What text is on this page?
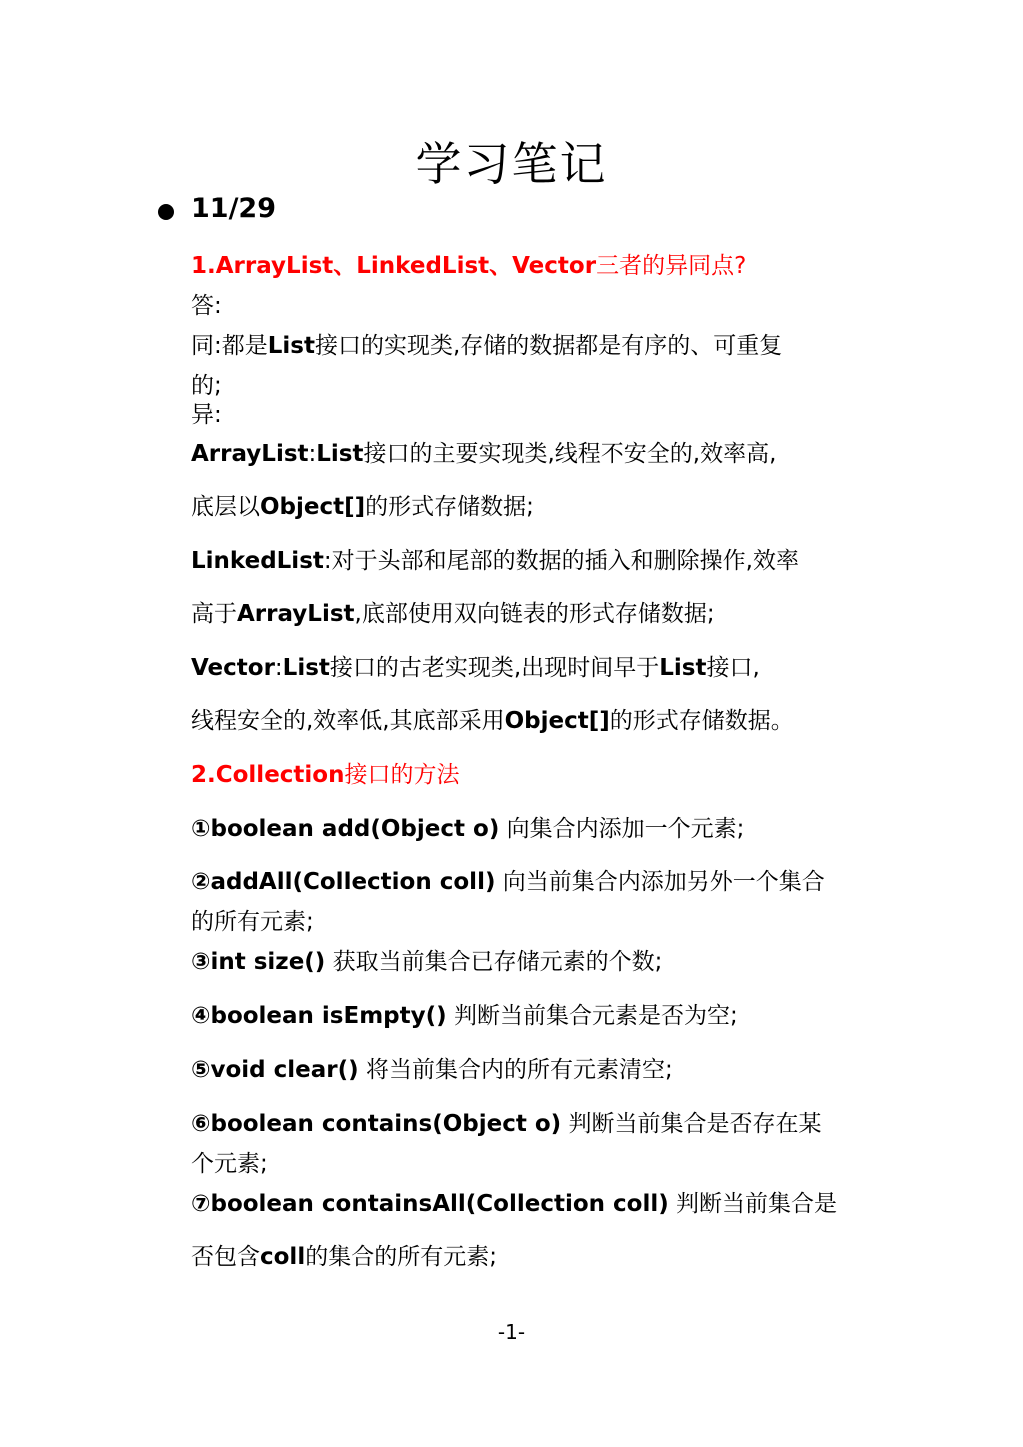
学习笔记
11/29
1.ArrayList、LinkedList、Vector三者的异同点?
答:
同:都是List接口的实现类,存储的数据都是有序的、可重复
的;
异:
ArrayList:List接口的主要实现类,线程不安全的,效率高,
底层以Object[]的形式存储数据;
LinkedList:对于头部和尾部的数据的插入和删除操作,效率
高于ArrayList,底部使用双向链表的形式存储数据;
Vector:List接口的古老实现类,出现时间早于List接口,
线程安全的,效率低,其底部采用Object[]的形式存储数据。
2.Collection接口的方法
①boolean add(Object o) 向集合内添加一个元素;
②addAll(Collection coll) 向当前集合内添加另外一个集合
的所有元素;
③int size() 获取当前集合已存储元素的个数;
④boolean isEmpty() 判断当前集合元素是否为空;
⑤void clear() 将当前集合内的所有元素清空;
⑥boolean contains(Object o) 判断当前集合是否存在某
个元素;
⑦boolean containsAll(Collection coll) 判断当前集合是
否包含coll的集合的所有元素;
-1-
